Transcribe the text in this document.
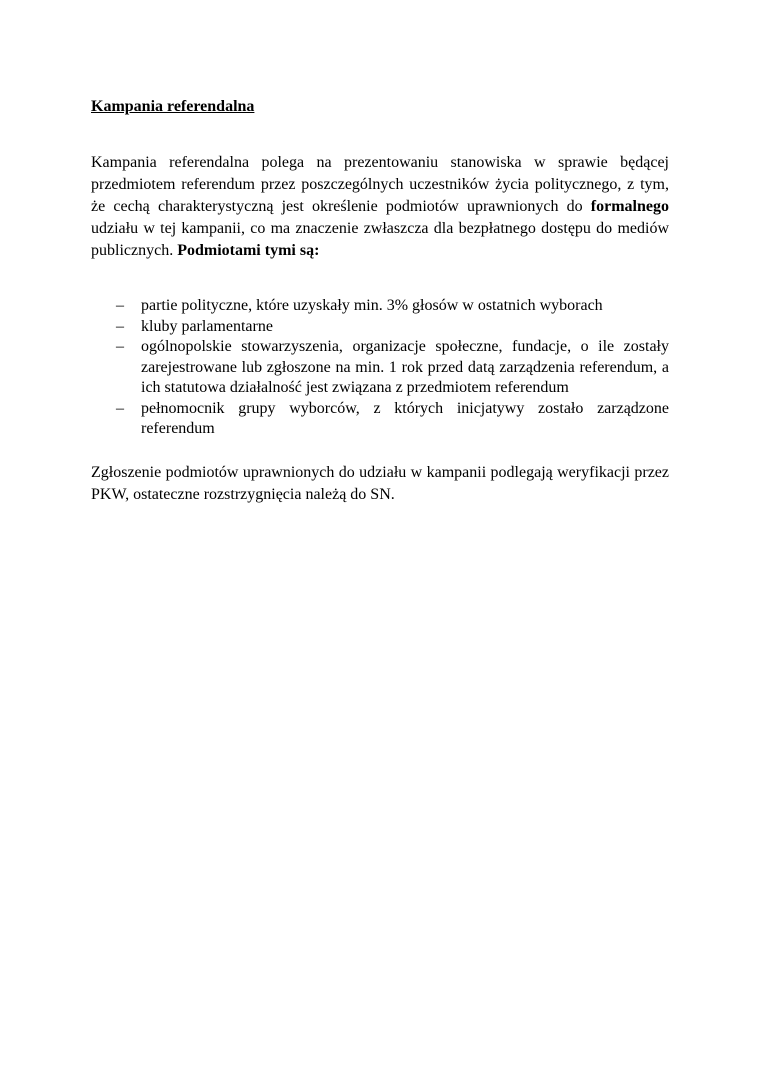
Kampania referendalna

Kampania referendalna polega na prezentowaniu stanowiska w sprawie będącej przedmiotem referendum przez poszczególnych uczestników życia politycznego, z tym, że cechą charakterystyczną jest określenie podmiotów uprawnionych do formalnego udziału w tej kampanii, co ma znaczenie zwłaszcza dla bezpłatnego dostępu do mediów publicznych. Podmiotami tymi są:

– partie polityczne, które uzyskały min. 3% głosów w ostatnich wyborach
– kluby parlamentarne
– ogólnopolskie stowarzyszenia, organizacje społeczne, fundacje, o ile zostały zarejestrowane lub zgłoszone na min. 1 rok przed datą zarządzenia referendum, a ich statutowa działalność jest związana z przedmiotem referendum
– pełnomocnik grupy wyborców, z których inicjatywy zostało zarządzone referendum

Zgłoszenie podmiotów uprawnionych do udziału w kampanii podlegają weryfikacji przez PKW, ostateczne rozstrzygnięcia należą do SN.
